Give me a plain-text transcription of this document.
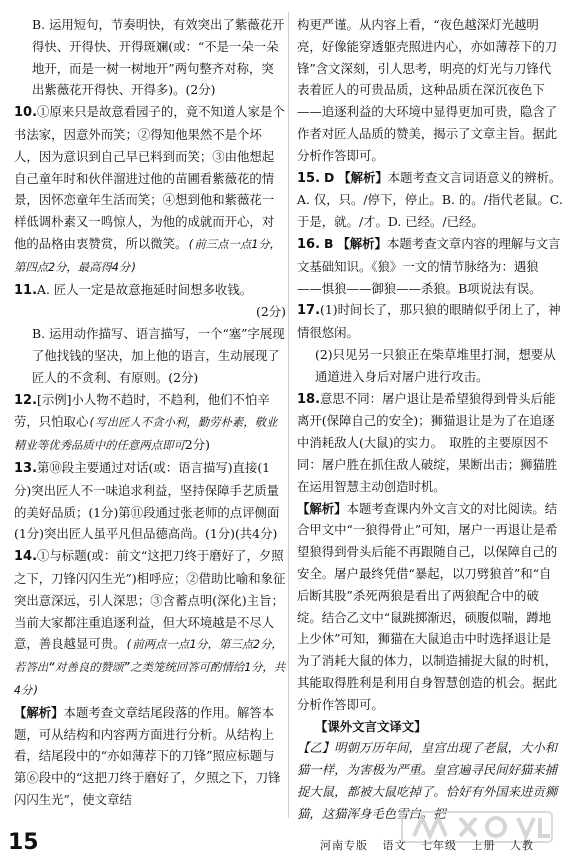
B. 运用短句，节奏明快，有效突出了紫薇花开得快、开得快、开得斑斓(或：“不是一朵一朵地开，而是一树一树地开”两句整齐对称，突出紫薇花开得快、开得多)。(2分)

10.①原来只是故意看园子的，竟不知道人家是个书法家，因意外而笑；②得知他果然不是个坏人，因为意识到自己早已料到而笑；③由他想起自己童年时和伙伴溜进过他的苗圃看紫薇花的情景，因怀恋童年生活而笑；④想到他和紫薇花一样低调朴素又一鸣惊人，为他的成就而开心，对他的品格由衷赞赏，所以微笑。(前三点一点1分，第四点2分，最高得4分)

11.A. 匠人一定是故意拖延时间想多收钱。

(2分)

B. 运用动作描写、语言描写，一个“塞”字展现了他找钱的坚决，加上他的语言，生动展现了匠人的不贪利、有原则。(2分)

12.[示例]小人物不趋时，不趋利，他们不怕辛劳，只怕取心(写出匠人不贪小利，勤劳朴素，敬业精业等优秀品质中的任意两点即可2分)

13.第⑩段主要通过对话(或：语言描写)直接(1分)突出匠人不一味追求利益，坚持保障手艺质量的美好品质；(1分)第⑪段通过张老师的点评侧面(1分)突出匠人虽平凡但品德高尚。(1分)(共4分)

14.①与标题(或：前文“这把刀终于磨好了，夕照之下，刀锋闪闪生光”)相呼应；②借助比喻和象征突出意深远，引人深思；③含蓄点明(深化)主旨；当前大家都注重追逐利益，但大环境越是不尽人意，善良越显可贵。(前两点一点1分，第三点2分，若答出“对善良的赞颂”之类笼统回答可酌情给1分，共4分)

【解析】本题考查文章结尾段落的作用。解答本题，可从结构和内容两方面进行分析。从结构上看，结尾段中的“亦如薄荐下的刀锋”照应标题与第⑥段中的“这把刀终于磨好了，夕照之下，刀锋闪闪生光”，使文章结

构更严谨。从内容上看，“夜色越深灯光越明亮，好像能穿透躯壳照进内心，亦如薄荐下的刀锋”含文深刻，引人思考，明亮的灯光与刀锋代表着匠人的可贵品质，这种品质在深沉夜色下——追逐利益的大环境中显得更加可贵，隐含了作者对匠人品质的赞美，揭示了文章主旨。据此分析作答即可。

15. D 【解析】本题考查文言词语意义的辨析。A. 仅，只。/停下，停止。B. 的。/指代老鼠。C. 于是，就。/才。D. 已经。/已经。

16. B 【解析】本题考查文章内容的理解与文言文基础知识。《狼》一文的情节脉络为：遇狼——惧狼——御狼——杀狼。B项说法有误。

17.(1)时间长了，那只狼的眼睛似乎闭上了，神情很悠闲。

(2)只见另一只狼正在柴草堆里打洞，想要从通道进入身后对屠户进行攻击。

18.意思不同：屠户退让是希望狼得到骨头后能离开(保障自己的安全)；狮猫退让是为了在追逐中消耗敌人(大鼠)的实力。　取胜的主要原因不同：屠户胜在抓住敌人破绽，果断出击；狮猫胜在运用智慧主动创造时机。

【解析】本题考查课内外文言文的对比阅读。结合甲文中“一狼得骨止”可知，屠户一再退让是希望狼得到骨头后能不再跟随自己，以保障自己的安全。屠户最终凭借“暴起，以刀劈狼首”和“自后断其股”杀死两狼是看出了两狼配合中的破绽。结合乙文中“鼠跳掷渐迟，硕腹似喘，蹲地上少休”可知，狮猫在大鼠追击中时选择退让是为了消耗大鼠的体力，以制造捕捉大鼠的时机，其能取得胜利是利用自身智慧创造的机会。据此分析作答即可。

【课外文言文译文】

【乙】明朝万历年间，皇宫出现了老鼠，大小和猫一样，为害极为严重。皇宫遍寻民间好猫来捕捉大鼠，都被大鼠吃掉了。恰好有外国来进贡狮猫，这猫浑身毛色雪白。把

15	河南专版 语文 七年级 上册 人教
